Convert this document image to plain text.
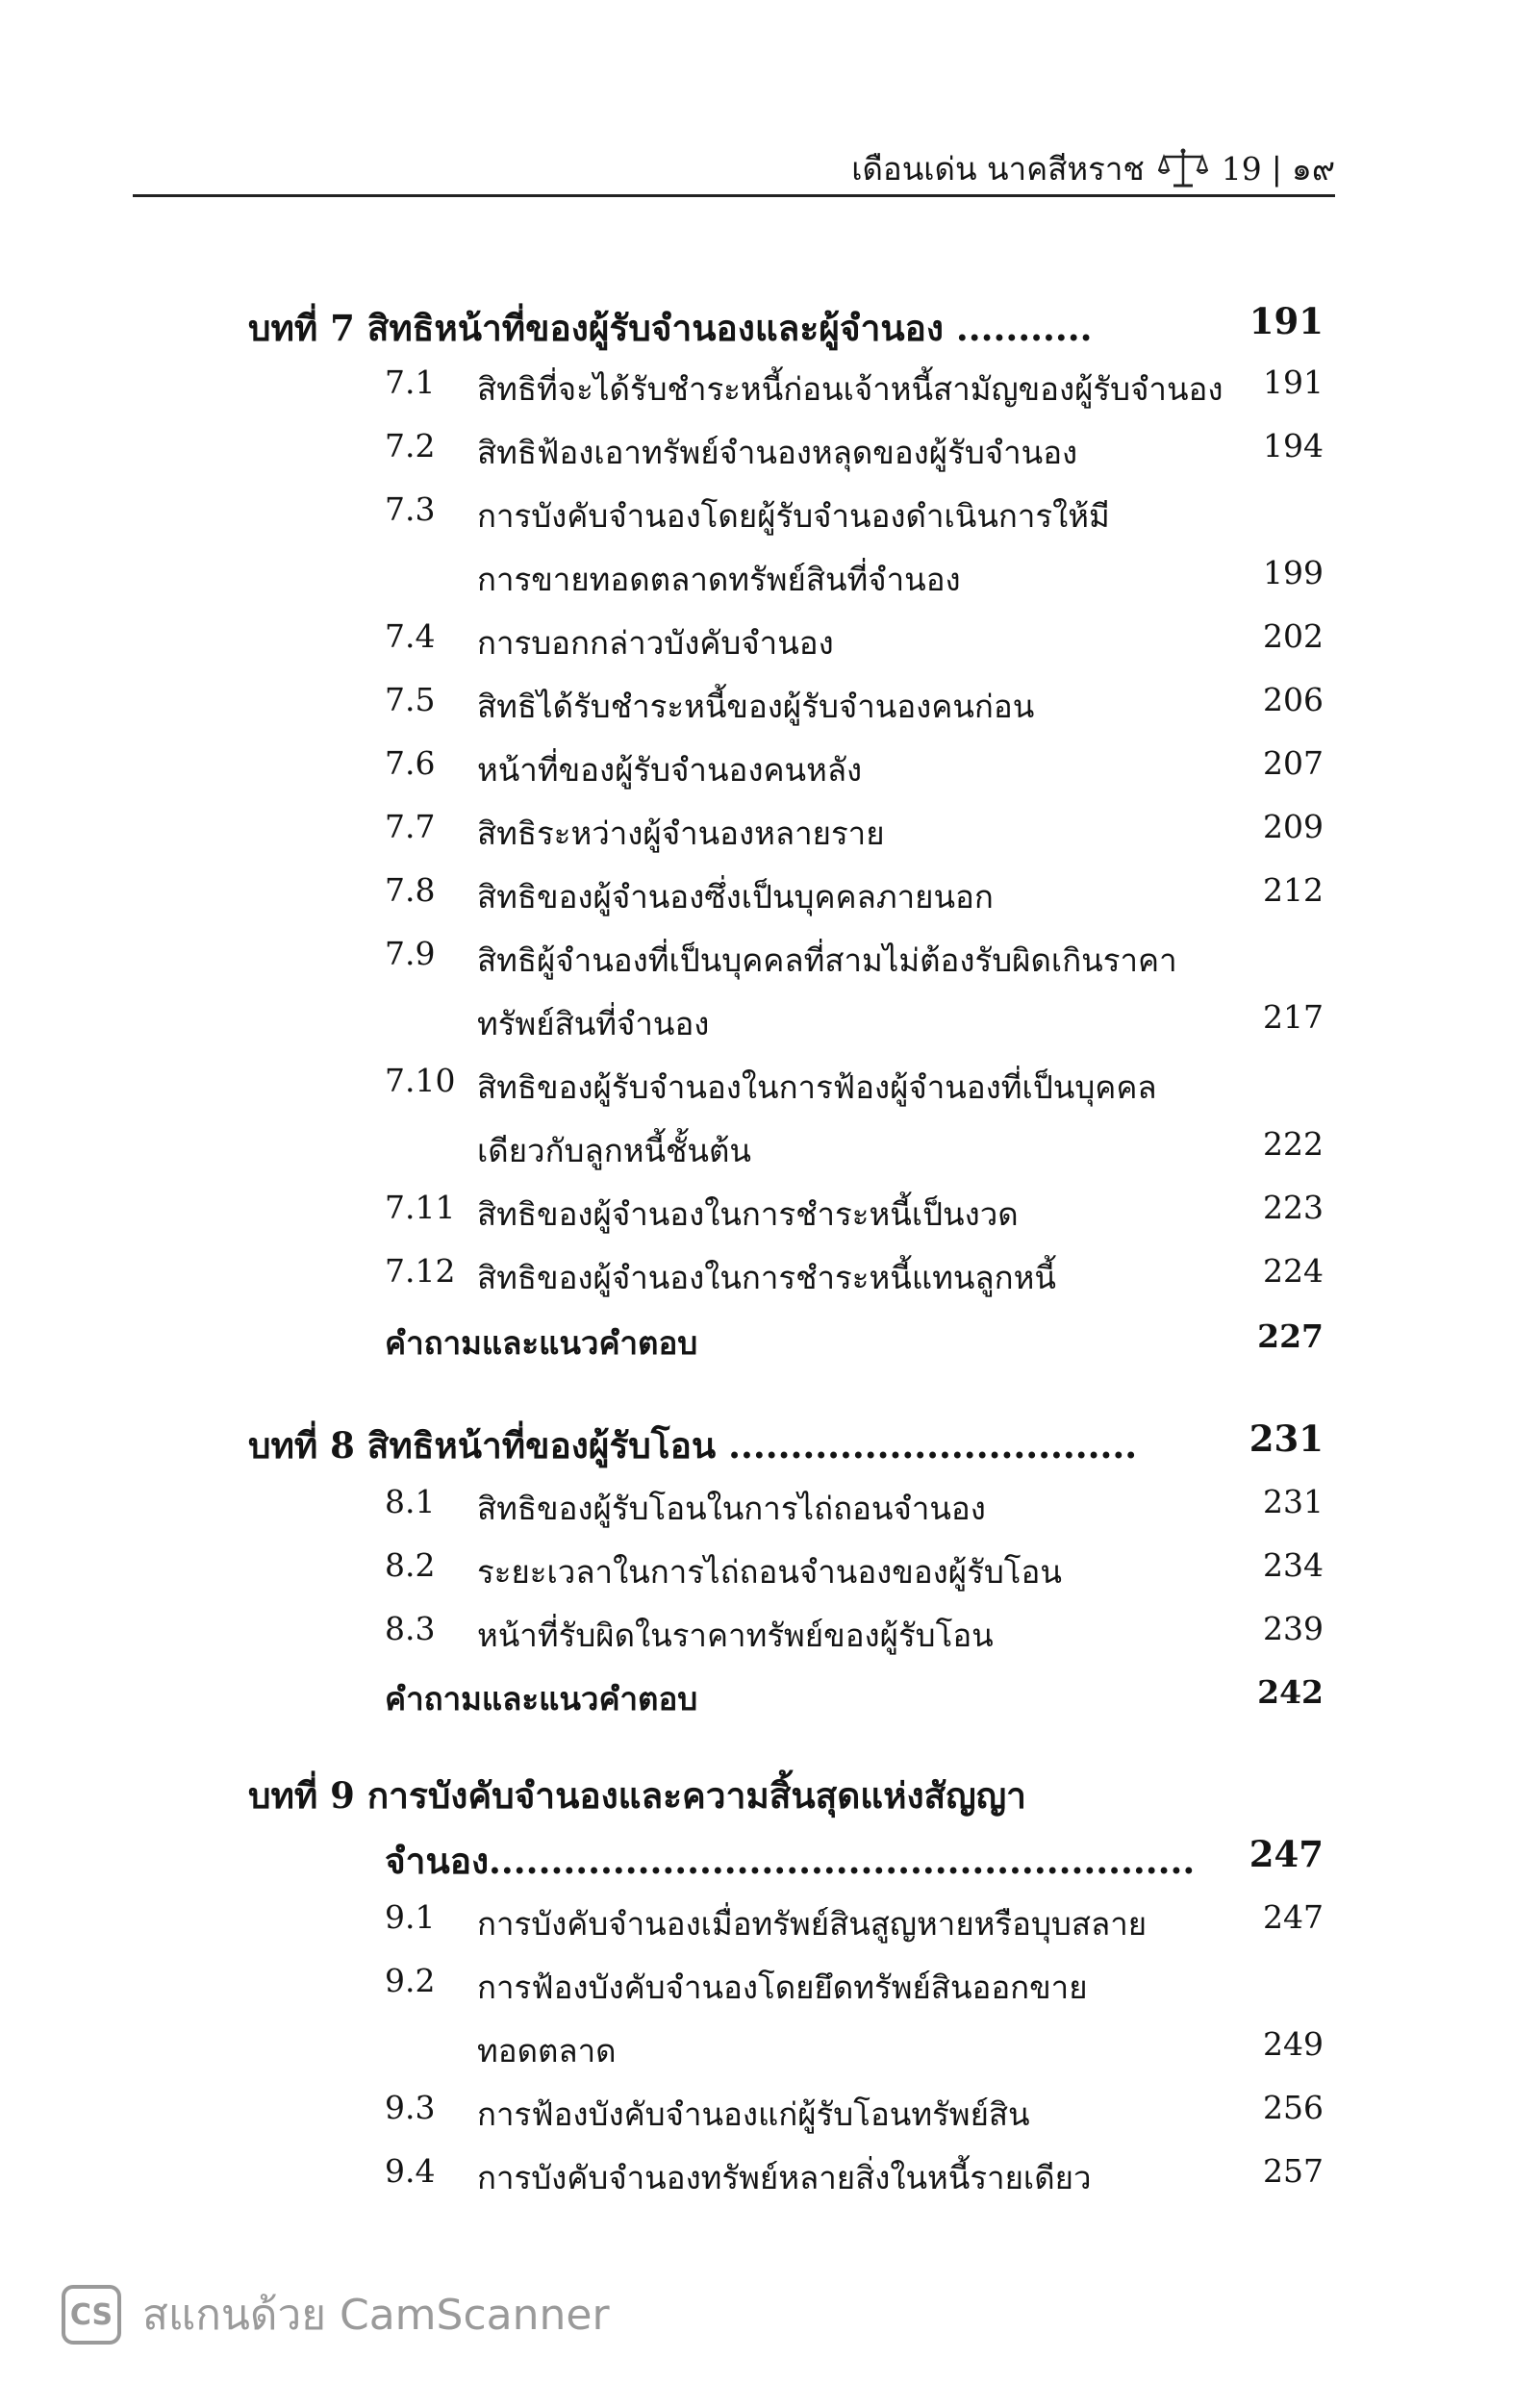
เดือนเด่น นาคสีหราช 19 | ๑๙
บทที่ 7 สิทธิหน้าที่ของผู้รับจำนองและผู้จำนอง ...........	191
7.1 สิทธิที่จะได้รับชำระหนี้ก่อนเจ้าหนี้สามัญของผู้รับจำนอง	191
7.2 สิทธิฟ้องเอาทรัพย์จำนองหลุดของผู้รับจำนอง	194
7.3 การบังคับจำนองโดยผู้รับจำนองดำเนินการให้มี
การขายทอดตลาดทรัพย์สินที่จำนอง	199
7.4 การบอกกล่าวบังคับจำนอง	202
7.5 สิทธิได้รับชำระหนี้ของผู้รับจำนองคนก่อน	206
7.6 หน้าที่ของผู้รับจำนองคนหลัง	207
7.7 สิทธิระหว่างผู้จำนองหลายราย	209
7.8 สิทธิของผู้จำนองซึ่งเป็นบุคคลภายนอก	212
7.9 สิทธิผู้จำนองที่เป็นบุคคลที่สามไม่ต้องรับผิดเกินราคา
ทรัพย์สินที่จำนอง	217
7.10 สิทธิของผู้รับจำนองในการฟ้องผู้จำนองที่เป็นบุคคล
เดียวกับลูกหนี้ชั้นต้น	222
7.11 สิทธิของผู้จำนองในการชำระหนี้เป็นงวด	223
7.12 สิทธิของผู้จำนองในการชำระหนี้แทนลูกหนี้	224
คำถามและแนวคำตอบ	227
บทที่ 8 สิทธิหน้าที่ของผู้รับโอน .................................	231
8.1 สิทธิของผู้รับโอนในการไถ่ถอนจำนอง	231
8.2 ระยะเวลาในการไถ่ถอนจำนองของผู้รับโอน	234
8.3 หน้าที่รับผิดในราคาทรัพย์ของผู้รับโอน	239
คำถามและแนวคำตอบ	242
บทที่ 9 การบังคับจำนองและความสิ้นสุดแห่งสัญญา
จำนอง.........................................................	247
9.1 การบังคับจำนองเมื่อทรัพย์สินสูญหายหรือบุบสลาย	247
9.2 การฟ้องบังคับจำนองโดยยึดทรัพย์สินออกขาย
ทอดตลาด	249
9.3 การฟ้องบังคับจำนองแก่ผู้รับโอนทรัพย์สิน	256
9.4 การบังคับจำนองทรัพย์หลายสิ่งในหนี้รายเดียว	257
CS สแกนด้วย CamScanner
